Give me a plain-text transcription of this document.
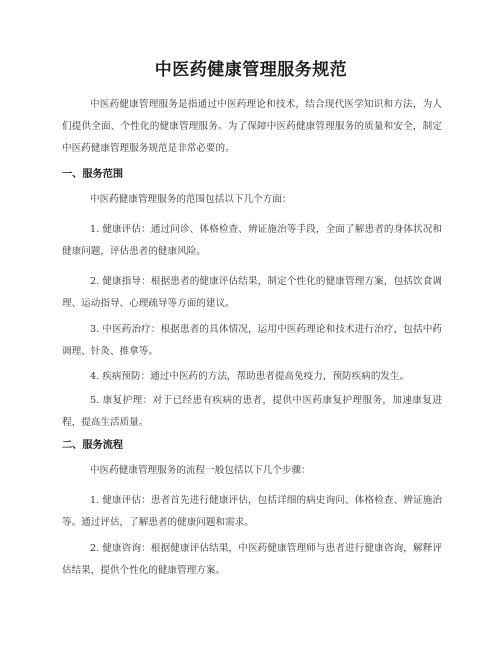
中医药健康管理服务规范

中医药健康管理服务是指通过中医药理论和技术，结合现代医学知识和方法，为人们提供全面、个性化的健康管理服务。为了保障中医药健康管理服务的质量和安全，制定中医药健康管理服务规范是非常必要的。

一、服务范围

中医药健康管理服务的范围包括以下几个方面：

1. 健康评估：通过问诊、体格检查、辨证施治等手段，全面了解患者的身体状况和健康问题，评估患者的健康风险。

2. 健康指导：根据患者的健康评估结果，制定个性化的健康管理方案，包括饮食调理、运动指导、心理疏导等方面的建议。

3. 中医药治疗：根据患者的具体情况，运用中医药理论和技术进行治疗，包括中药调理、针灸、推拿等。

4. 疾病预防：通过中医药的方法，帮助患者提高免疫力，预防疾病的发生。

5. 康复护理：对于已经患有疾病的患者，提供中医药康复护理服务，加速康复进程，提高生活质量。

二、服务流程

中医药健康管理服务的流程一般包括以下几个步骤：

1. 健康评估：患者首先进行健康评估，包括详细的病史询问、体格检查、辨证施治等。通过评估，了解患者的健康问题和需求。

2. 健康咨询：根据健康评估结果，中医药健康管理师与患者进行健康咨询，解释评估结果，提供个性化的健康管理方案。
